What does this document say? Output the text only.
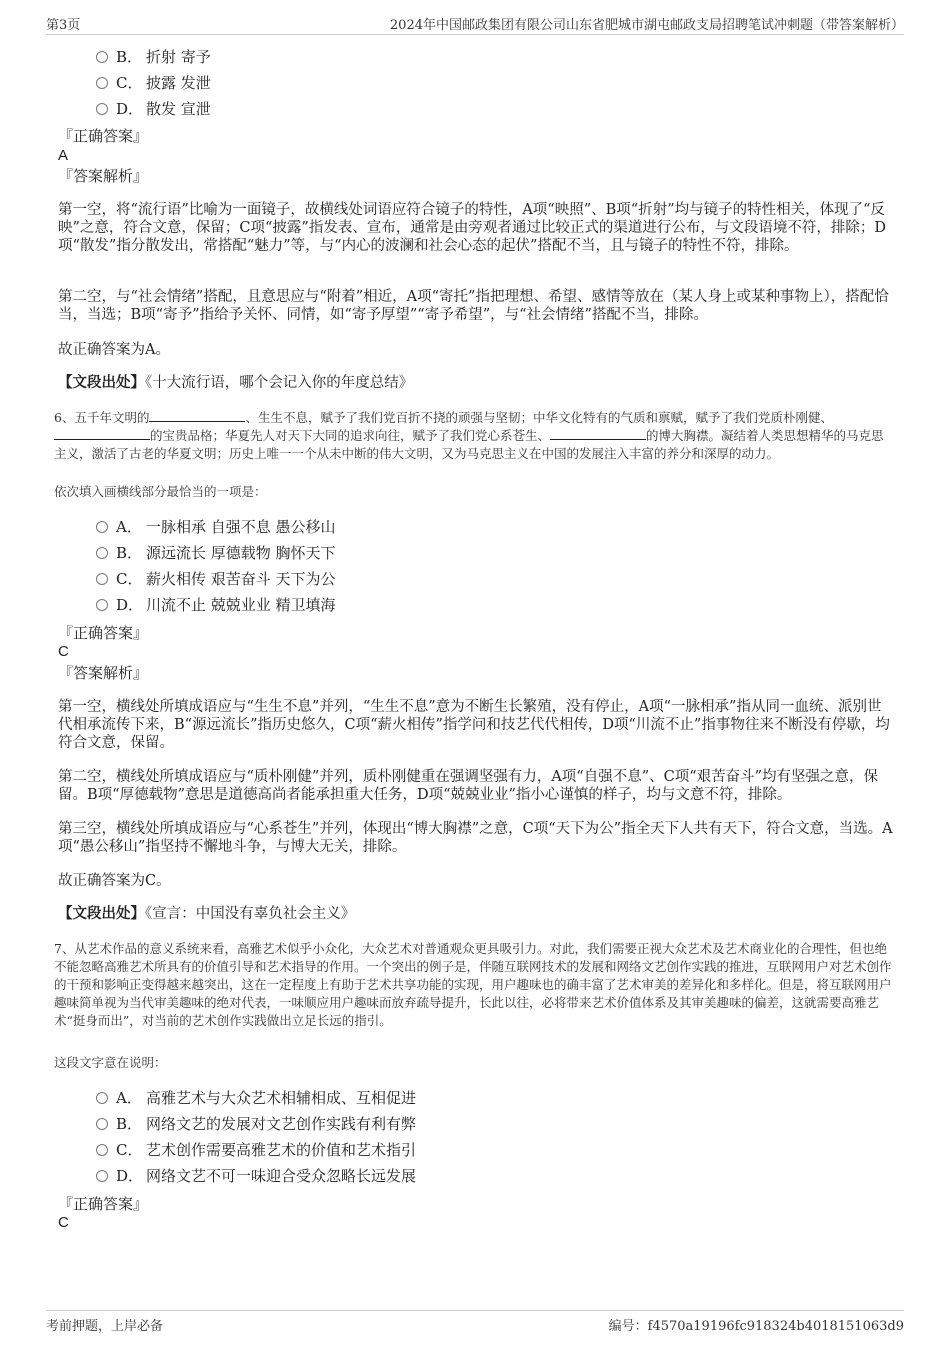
第3页	2024年中国邮政集团有限公司山东省肥城市湖屯邮政支局招聘笔试冲刺题（带答案解析）
B． 折射 寄予
C． 披露 发泄
D． 散发 宣泄
『正确答案』
A
『答案解析』
第一空，将“流行语”比喻为一面镜子，故横线处词语应符合镜子的特性，A项“映照”、B项“折射”均与镜子的特性相关，体现了“反映”之意，符合文意，保留；C项“披露”指发表、宣布，通常是由旁观者通过比较正式的渠道进行公布，与文段语境不符，排除；D项“散发”指分散发出，常搭配“魅力”等，与“内心的波澜和社会心态的起伏”搭配不当，且与镜子的特性不符，排除。
第二空，与“社会情绪”搭配，且意思应与“附着”相近，A项“寄托”指把理想、希望、感情等放在（某人身上或某种事物上），搭配恰当，当选；B项“寄予”指给予关怀、同情，如“寄予厚望”“寄予希望”，与“社会情绪”搭配不当，排除。
故正确答案为A。
【文段出处】《十大流行语，哪个会记入你的年度总结》
6、五千年文明的	、生生不息，赋予了我们党百折不挠的顽强与坚韧；中华文化特有的气质和禀赋，赋予了我们党质朴刚健、的宝贵品格；华夏先人对天下大同的追求向往，赋予了我们党心系苍生、	的博大胸襟。凝结着人类思想精华的马克思主义，激活了古老的华夏文明；历史上唯一一个从未中断的伟大文明，又为马克思主义在中国的发展注入丰富的养分和深厚的动力。
依次填入画横线部分最恰当的一项是：
A． 一脉相承 自强不息 愚公移山
B． 源远流长 厚德载物 胸怀天下
C． 薪火相传 艰苦奋斗 天下为公
D． 川流不止 兢兢业业 精卫填海
『正确答案』
C
『答案解析』
第一空，横线处所填成语应与“生生不息”并列，“生生不息”意为不断生长繁殖，没有停止，A项“一脉相承”指从同一血统、派别世代相承流传下来，B“源远流长”指历史悠久，C项“薪火相传”指学问和技艺代代相传，D项“川流不止”指事物往来不断没有停歇，均符合文意，保留。
第二空，横线处所填成语应与“质朴刚健”并列，质朴刚健重在强调坚强有力，A项“自强不息”、C项“艰苦奋斗”均有坚强之意，保留。B项“厚德载物”意思是道德高尚者能承担重大任务，D项“兢兢业业”指小心谨慎的样子，均与文意不符，排除。
第三空，横线处所填成语应与“心系苍生”并列，体现出“博大胸襟”之意，C项“天下为公”指全天下人共有天下，符合文意，当选。A项“愚公移山”指坚持不懈地斗争，与博大无关，排除。
故正确答案为C。
【文段出处】《宣言：中国没有辜负社会主义》
7、从艺术作品的意义系统来看，高雅艺术似乎小众化，大众艺术对普通观众更具吸引力。对此，我们需要正视大众艺术及艺术商业化的合理性，但也绝不能忽略高雅艺术所具有的价值引导和艺术指导的作用。一个突出的例子是，伴随互联网技术的发展和网络文艺创作实践的推进，互联网用户对艺术创作的干预和影响正变得越来越突出，这在一定程度上有助于艺术共享功能的实现，用户趣味也的确丰富了艺术审美的差异化和多样化。但是，将互联网用户趣味简单视为当代审美趣味的绝对代表，一味顺应用户趣味而放弃疏导提升，长此以往，必将带来艺术价值体系及其审美趣味的偏差，这就需要高雅艺术“挺身而出”，对当前的艺术创作实践做出立足长远的指引。
这段文字意在说明：
A． 高雅艺术与大众艺术相辅相成、互相促进
B． 网络文艺的发展对文艺创作实践有利有弊
C． 艺术创作需要高雅艺术的价值和艺术指引
D． 网络文艺不可一味迎合受众忽略长远发展
『正确答案』
C
考前押题，上岸必备	编号：f4570a19196fc918324b4018151063d9
